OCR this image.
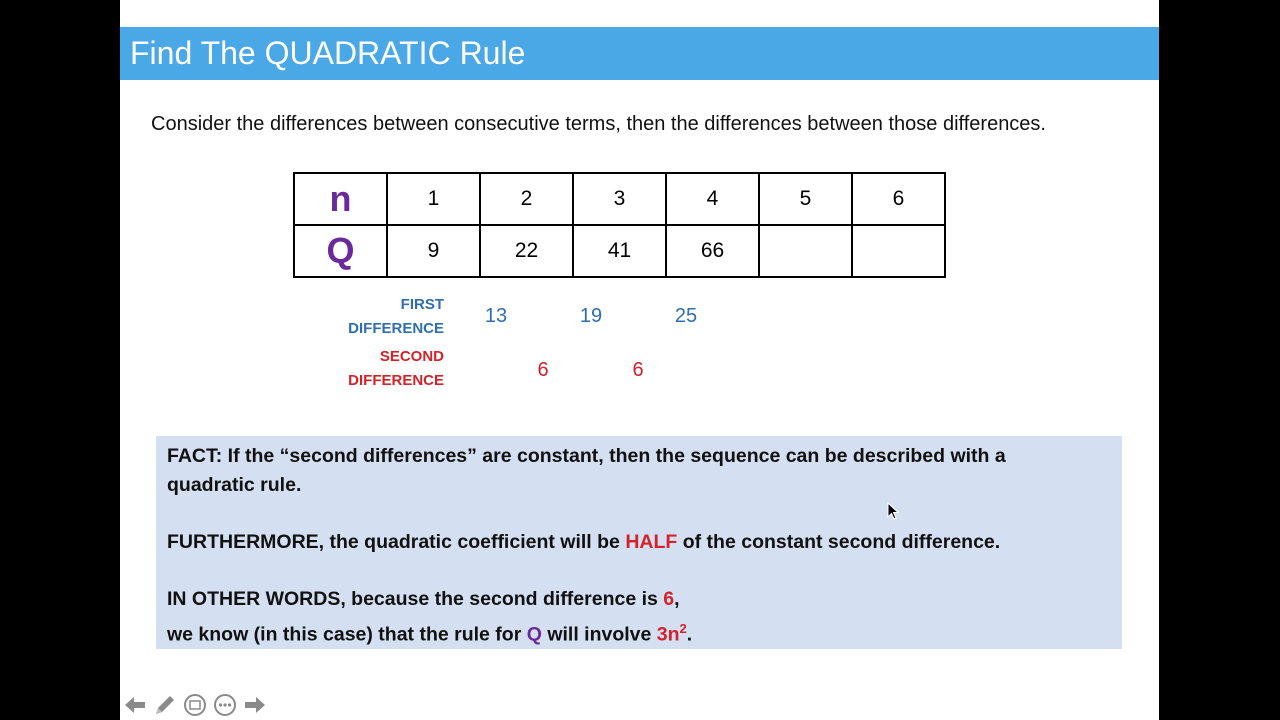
Find The QUADRATIC Rule
Consider the differences between consecutive terms, then the differences between those differences.
n	1	2	3	4	5	6
Q	9	22	41	66		
FIRST
DIFFERENCE
13	19	25
SECOND
DIFFERENCE	6	6

FACT: If the “second differences” are constant, then the sequence can be described with a

quadratic rule.

FURTHERMORE, the quadratic coefficient will be HALF of the constant second difference.

IN OTHER WORDS, because the second difference is 6,

we know (in this case) that the rule for Q will involve $3n^2$.
